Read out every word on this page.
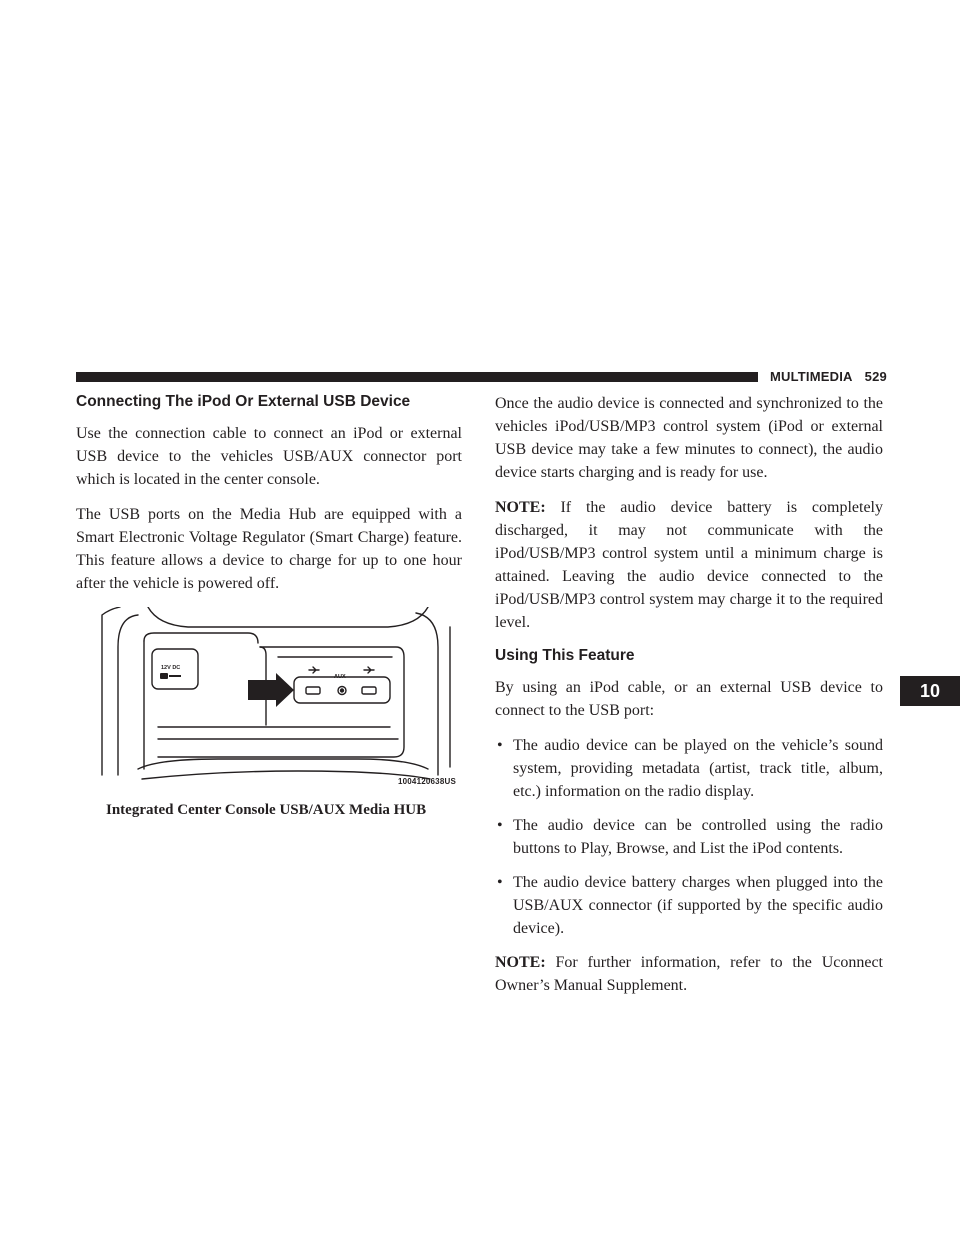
MULTIMEDIA 529
10
Connecting The iPod Or External USB Device

Use the connection cable to connect an iPod or external USB device to the vehicles USB/AUX connector port which is located in the center console.

The USB ports on the Media Hub are equipped with a Smart Electronic Voltage Regulator (Smart Charge) feature. This feature allows a device to charge for up to one hour after the vehicle is powered off.

12V DC
AUX
1004120638US
Integrated Center Console USB/AUX Media HUB

Once the audio device is connected and synchronized to the vehicles iPod/USB/MP3 control system (iPod or external USB device may take a few minutes to connect), the audio device starts charging and is ready for use.

NOTE: If the audio device battery is completely discharged, it may not communicate with the iPod/USB/MP3 control system until a minimum charge is attained. Leaving the audio device connected to the iPod/USB/MP3 control system may charge it to the required level.

Using This Feature

By using an iPod cable, or an external USB device to connect to the USB port:

• The audio device can be played on the vehicle’s sound system, providing metadata (artist, track title, album, etc.) information on the radio display.
• The audio device can be controlled using the radio buttons to Play, Browse, and List the iPod contents.
• The audio device battery charges when plugged into the USB/AUX connector (if supported by the specific audio device).

NOTE: For further information, refer to the Uconnect Owner’s Manual Supplement.
